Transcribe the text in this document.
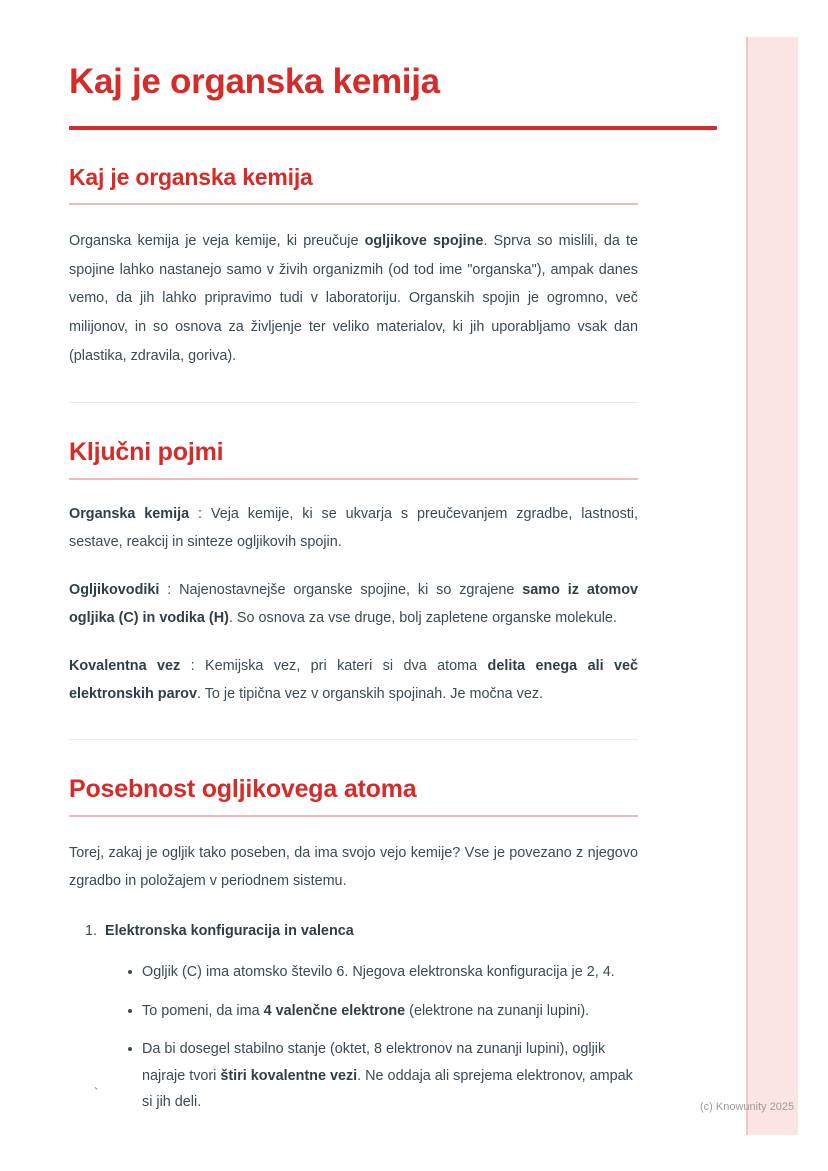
Kaj je organska kemija
Kaj je organska kemija

Organska kemija je veja kemije, ki preučuje ogljikove spojine. Sprva so mislili, da te spojine lahko nastanejo samo v živih organizmih (od tod ime "organska"), ampak danes vemo, da jih lahko pripravimo tudi v laboratoriju. Organskih spojin je ogromno, več milijonov, in so osnova za življenje ter veliko materialov, ki jih uporabljamo vsak dan (plastika, zdravila, goriva).

Ključni pojmi

Organska kemija : Veja kemije, ki se ukvarja s preučevanjem zgradbe, lastnosti, sestave, reakcij in sinteze ogljikovih spojin.

Ogljikovodiki : Najenostavnejše organske spojine, ki so zgrajene samo iz atomov ogljika (C) in vodika (H). So osnova za vse druge, bolj zapletene organske molekule.

Kovalentna vez : Kemijska vez, pri kateri si dva atoma delita enega ali več elektronskih parov. To je tipična vez v organskih spojinah. Je močna vez.

Posebnost ogljikovega atoma

Torej, zakaj je ogljik tako poseben, da ima svojo vejo kemije? Vse je povezano z njegovo zgradbo in položajem v periodnem sistemu.

1. Elektronska konfiguracija in valenca
Ogljik (C) ima atomsko število 6. Njegova elektronska konfiguracija je 2, 4.
To pomeni, da ima 4 valenčne elektrone (elektrone na zunanji lupini).
Da bi dosegel stabilno stanje (oktet, 8 elektronov na zunanji lupini), ogljik najraje tvori štiri kovalentne vezi. Ne oddaja ali sprejema elektronov, ampak si jih deli.
`
(c) Knowunity 2025
